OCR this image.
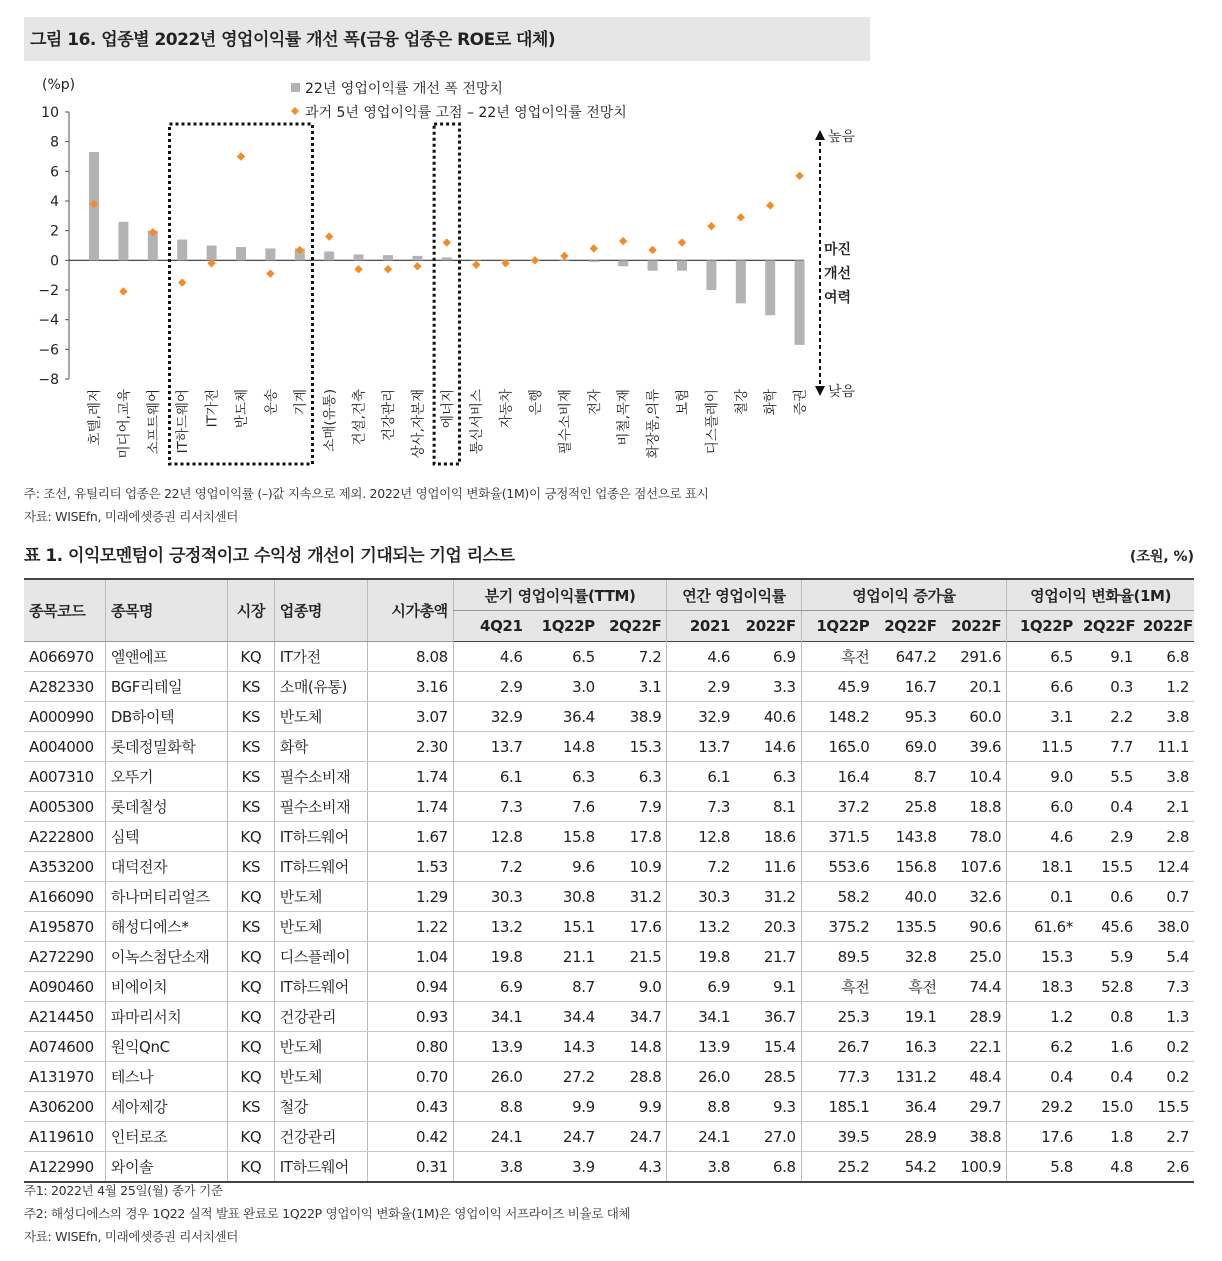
그림 16. 업종별 2022년 영업이익률 개선 폭(금융 업종은 ROE로 대체)
(%p)
10
8
6
4
2
0
−2
−4
−6
−8
호텔,레저 미디어,교육 소프트웨어 IT하드웨어 IT가전 반도체 운송 기계 소매(유통) 건설,건축 건강관리 상사,자본재 에너지 통신서비스 자동차 은행 필수소비재 전자 비철,목재 화장품,의류 보험 디스플레이 철강 화학 증권
22년 영업이익률 개선 폭 전망치
과거 5년 영업이익률 고점 – 22년 영업이익률 전망치
높음
마진
개선
여력
낮음
주: 조선, 유틸리티 업종은 22년 영업이익률 (–)값 지속으로 제외. 2022년 영업이익 변화율(1M)이 긍정적인 업종은 점선으로 표시
자료: WISEfn, 미래에셋증권 리서치센터
표 1. 이익모멘텀이 긍정적이고 수익성 개선이 기대되는 기업 리스트	(조원, %)
종목코드	종목명	시장	업종명	시가총액	분기 영업이익률(TTM)			연간 영업이익률		영업이익 증가율			영업이익 변화율(1M)		
					4Q21	1Q22P	2Q22F	2021	2022F	1Q22P	2Q22F	2022F	1Q22P	2Q22F	2022F
A066970	엘앤에프	KQ	IT가전	8.08	4.6	6.5	7.2	4.6	6.9	흑전	647.2	291.6	6.5	9.1	6.8
A282330	BGF리테일	KS	소매(유통)	3.16	2.9	3.0	3.1	2.9	3.3	45.9	16.7	20.1	6.6	0.3	1.2
A000990	DB하이텍	KS	반도체	3.07	32.9	36.4	38.9	32.9	40.6	148.2	95.3	60.0	3.1	2.2	3.8
A004000	롯데정밀화학	KS	화학	2.30	13.7	14.8	15.3	13.7	14.6	165.0	69.0	39.6	11.5	7.7	11.1
A007310	오뚜기	KS	필수소비재	1.74	6.1	6.3	6.3	6.1	6.3	16.4	8.7	10.4	9.0	5.5	3.8
A005300	롯데칠성	KS	필수소비재	1.74	7.3	7.6	7.9	7.3	8.1	37.2	25.8	18.8	6.0	0.4	2.1
A222800	심텍	KQ	IT하드웨어	1.67	12.8	15.8	17.8	12.8	18.6	371.5	143.8	78.0	4.6	2.9	2.8
A353200	대덕전자	KS	IT하드웨어	1.53	7.2	9.6	10.9	7.2	11.6	553.6	156.8	107.6	18.1	15.5	12.4
A166090	하나머티리얼즈	KQ	반도체	1.29	30.3	30.8	31.2	30.3	31.2	58.2	40.0	32.6	0.1	0.6	0.7
A195870	해성디에스*	KS	반도체	1.22	13.2	15.1	17.6	13.2	20.3	375.2	135.5	90.6	61.6*	45.6	38.0
A272290	이녹스첨단소재	KQ	디스플레이	1.04	19.8	21.1	21.5	19.8	21.7	89.5	32.8	25.0	15.3	5.9	5.4
A090460	비에이치	KQ	IT하드웨어	0.94	6.9	8.7	9.0	6.9	9.1	흑전	흑전	74.4	18.3	52.8	7.3
A214450	파마리서치	KQ	건강관리	0.93	34.1	34.4	34.7	34.1	36.7	25.3	19.1	28.9	1.2	0.8	1.3
A074600	원익QnC	KQ	반도체	0.80	13.9	14.3	14.8	13.9	15.4	26.7	16.3	22.1	6.2	1.6	0.2
A131970	테스나	KQ	반도체	0.70	26.0	27.2	28.8	26.0	28.5	77.3	131.2	48.4	0.4	0.4	0.2
A306200	세아제강	KS	철강	0.43	8.8	9.9	9.9	8.8	9.3	185.1	36.4	29.7	29.2	15.0	15.5
A119610	인터로조	KQ	건강관리	0.42	24.1	24.7	24.7	24.1	27.0	39.5	28.9	38.8	17.6	1.8	2.7
A122990	와이솔	KQ	IT하드웨어	0.31	3.8	3.9	4.3	3.8	6.8	25.2	54.2	100.9	5.8	4.8	2.6
주1: 2022년 4월 25일(월) 종가 기준
주2: 해성디에스의 경우 1Q22 실적 발표 완료로 1Q22P 영업이익 변화율(1M)은 영업이익 서프라이즈 비율로 대체
자료: WISEfn, 미래에셋증권 리서치센터
